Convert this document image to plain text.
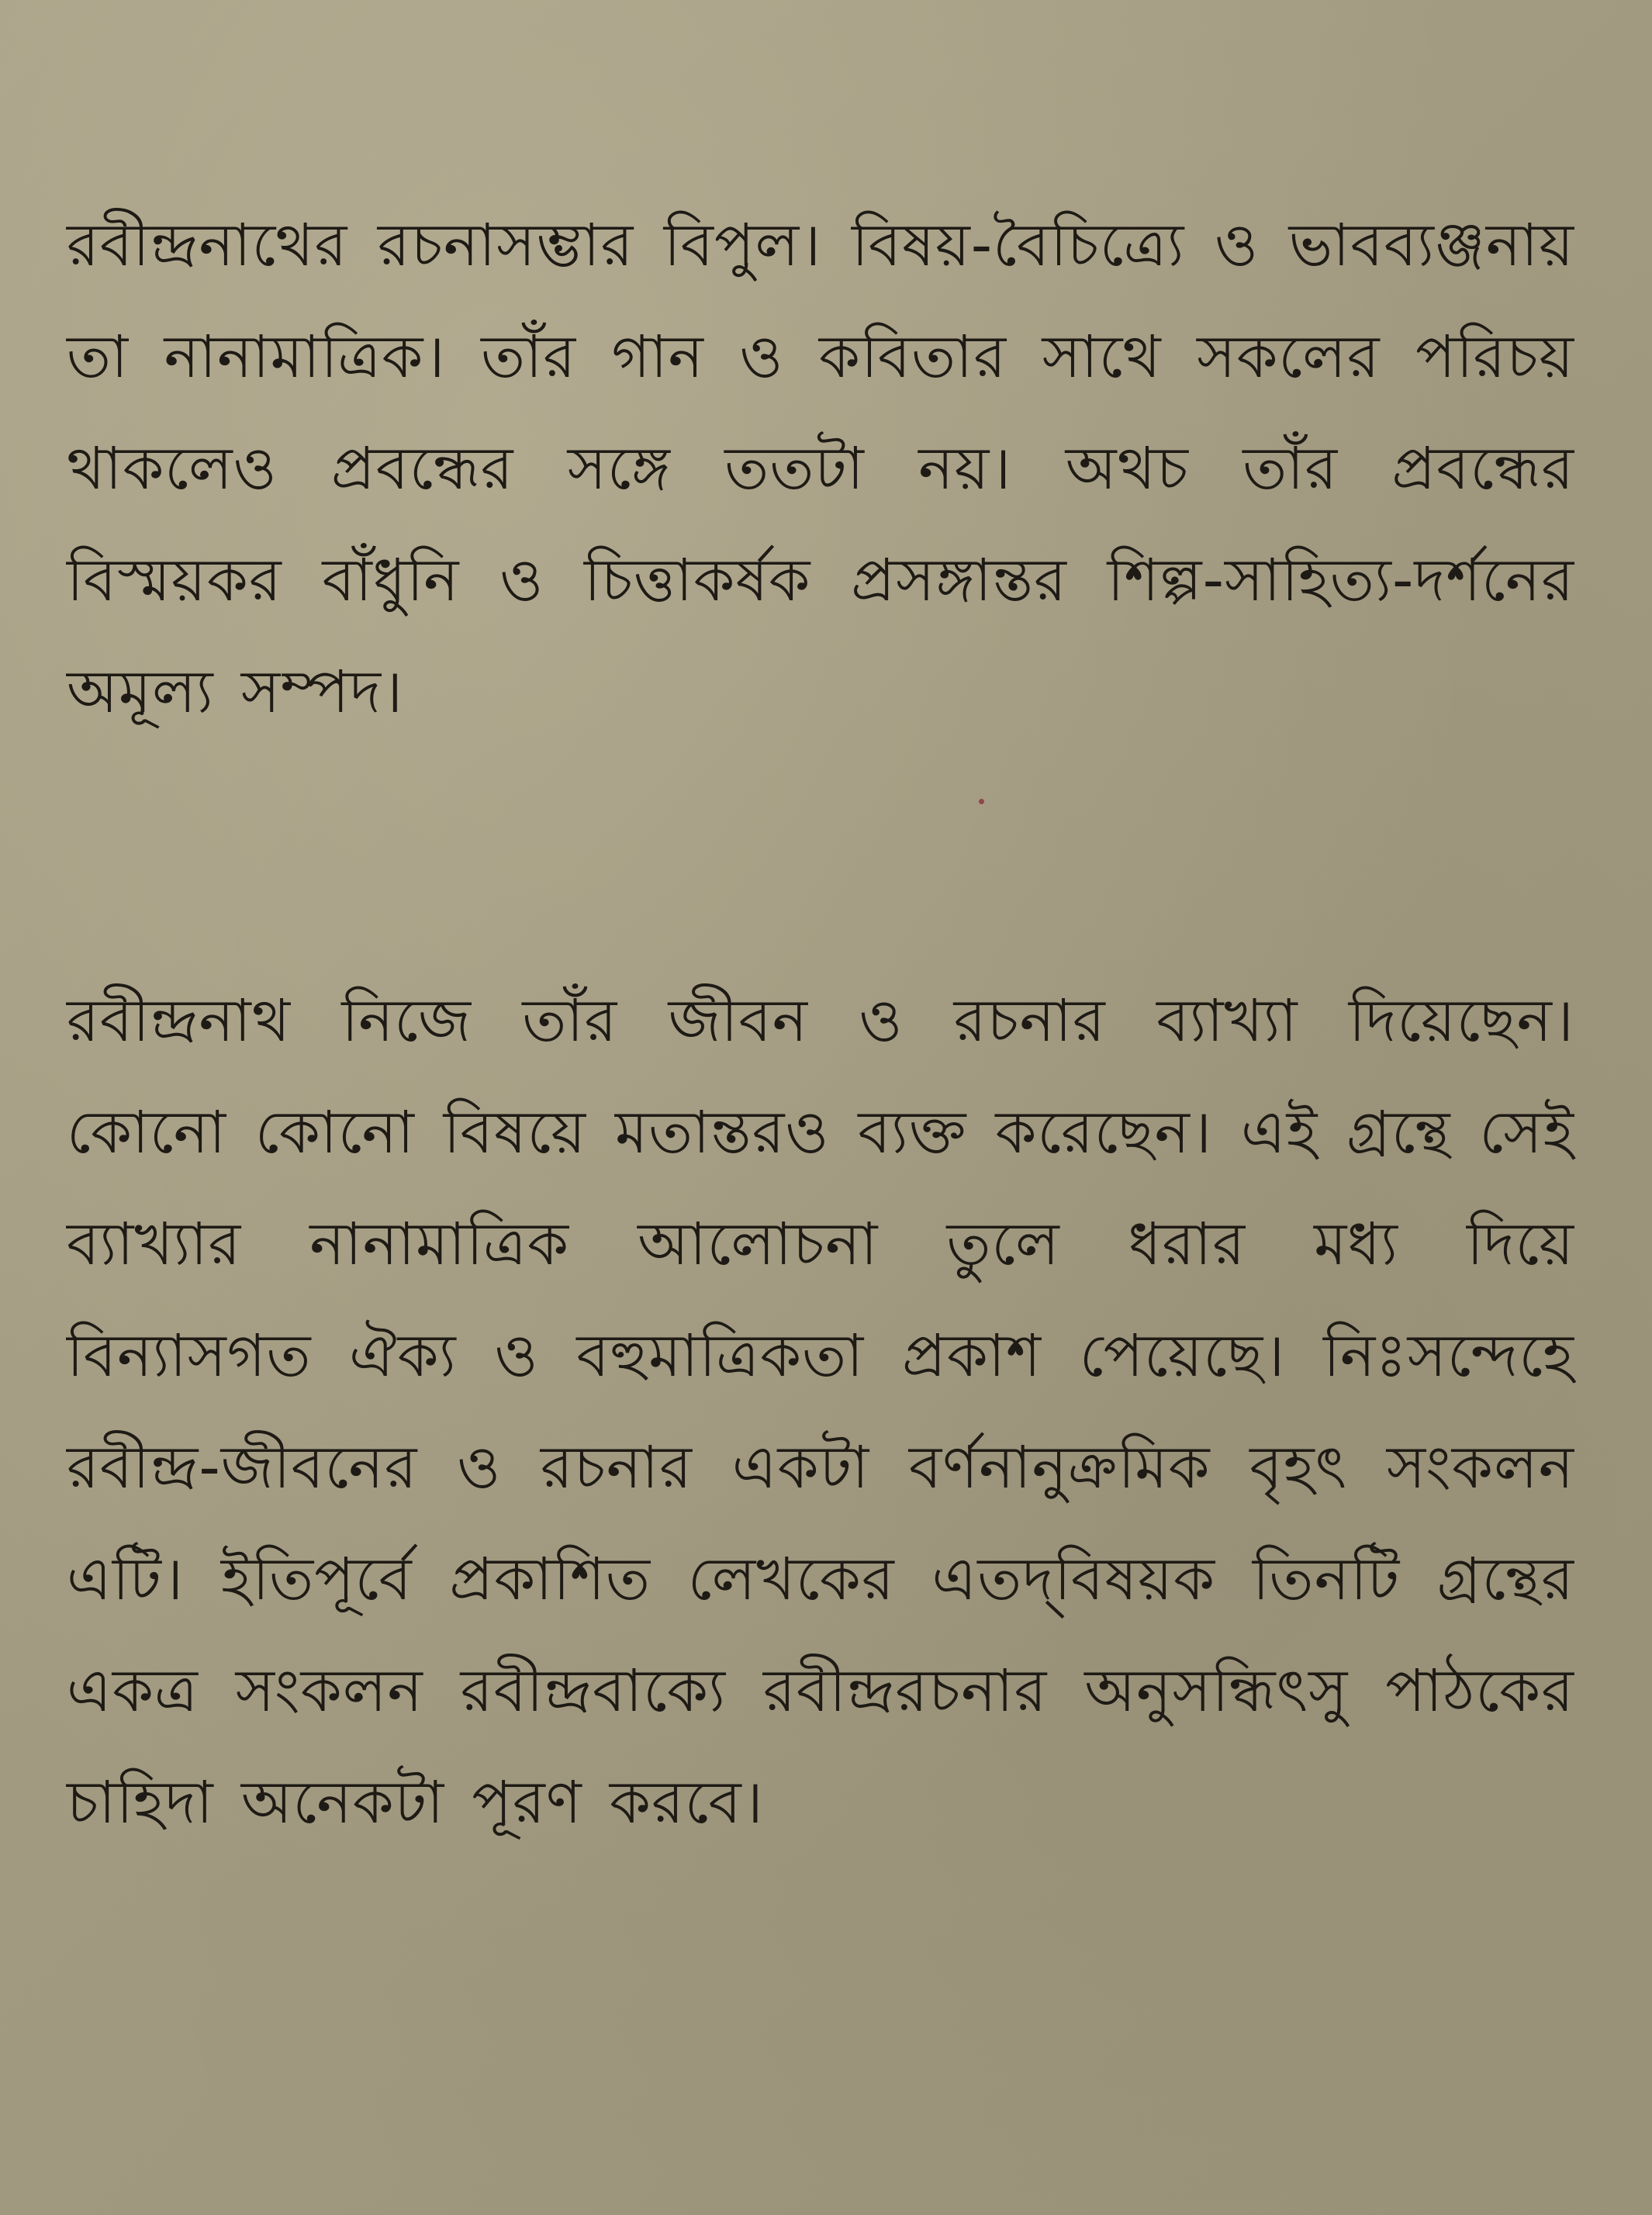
রবীন্দ্রনাথের রচনাসম্ভার বিপুল। বিষয়-বৈচিত্র্যে ও ভাবব্যঞ্জনায় তা নানামাত্রিক। তাঁর গান ও কবিতার সাথে সকলের পরিচয় থাকলেও প্রবন্ধের সঙ্গে ততটা নয়। অথচ তাঁর প্রবন্ধের বিস্ময়কর বাঁধুনি ও চিত্তাকর্ষক প্রসঙ্গান্তর শিল্প-সাহিত্য-দর্শনের অমূল্য সম্পদ।

রবীন্দ্রনাথ নিজে তাঁর জীবন ও রচনার ব্যাখ্যা দিয়েছেন। কোনো কোনো বিষয়ে মতান্তরও ব্যক্ত করেছেন। এই গ্রন্থে সেই ব্যাখ্যার নানামাত্রিক আলোচনা তুলে ধরার মধ্য দিয়ে বিন্যাসগত ঐক্য ও বহুমাত্রিকতা প্রকাশ পেয়েছে। নিঃসন্দেহে রবীন্দ্র-জীবনের ও রচনার একটা বর্ণনানুক্রমিক বৃহৎ সংকলন এটি। ইতিপূর্বে প্রকাশিত লেখকের এতদ্‌বিষয়ক তিনটি গ্রন্থের একত্র সংকলন রবীন্দ্রবাক্যে রবীন্দ্ররচনার অনুসন্ধিৎসু পাঠকের চাহিদা অনেকটা পূরণ করবে।
